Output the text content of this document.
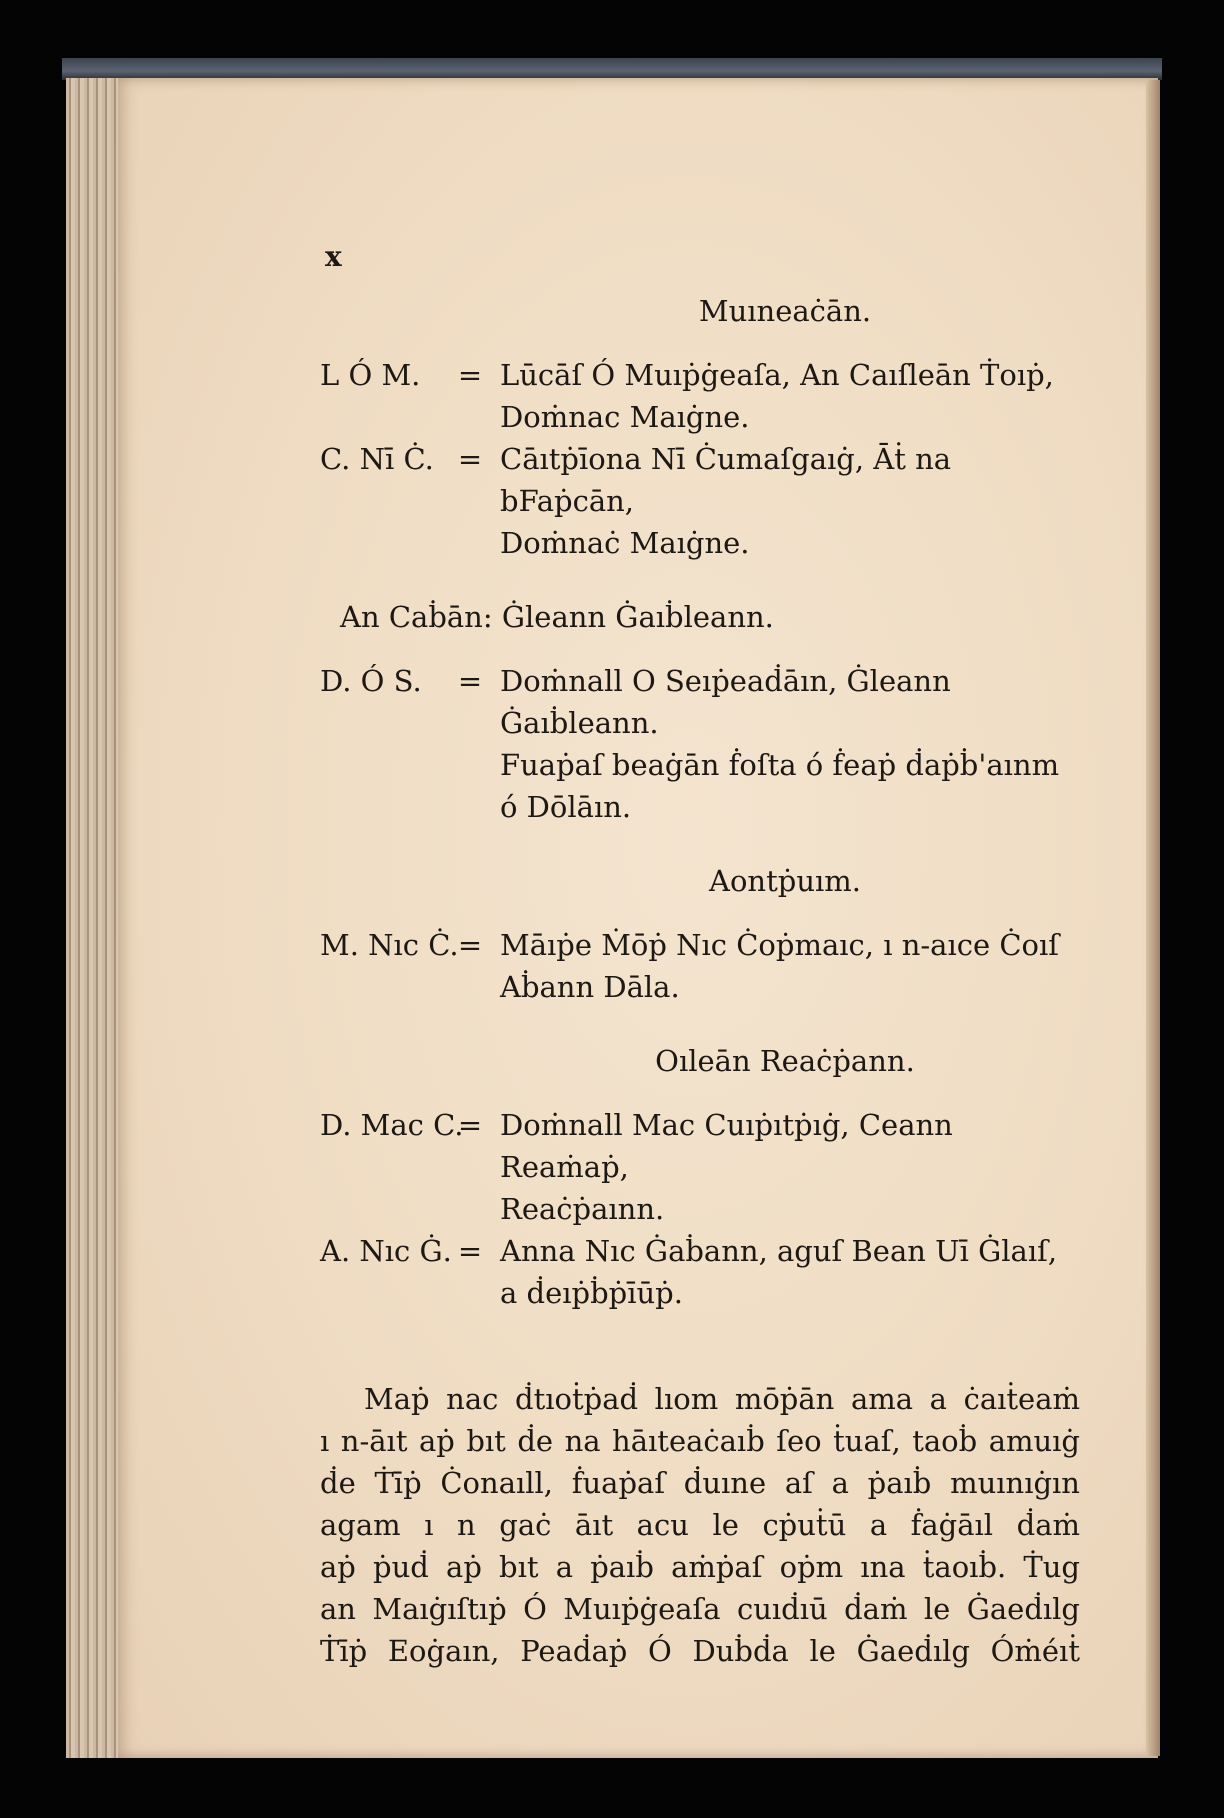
x
Muıneaċān.
L Ó M.	= Lūcāſ Ó Muıṗġeaſa, An Caıſleān Ṫoıṗ,
Doṁnac Maıġne.
C. Nī Ċ. = Cāıtṗīona Nī Ċumaſgaıġ, Āṫ na bFaṗcān,
Doṁnaċ Maıġne.
An Caḃān: Ġleann Ġaıḃleann.
D. Ó S.	= Doṁnall O Seıṗeaḋāın, Ġleann Ġaıḃleann.
Fuaṗaſ beaġān ḟoſta ó ḟeaṗ ḋaṗḃ'aınm
ó Dōlāın.
Aontṗuım.
M. Nıc Ċ. = Māıṗe Ṁōṗ Nıc Ċoṗmaıc, ı n-aıce Ċoıſ
Aḃann Dāla.
Oıleān Reaċṗann.
D. Mac C.
= Doṁnall Mac Cuıṗıtṗıġ, Ceann Reaṁaṗ,
Reaċṗaınn.
A. Nıc Ġ. = Anna Nıc Ġaḃann, aguſ Bean Uī Ġlaıſ,
a ḋeıṗḃṗīūṗ.
Maṗ nac ḋtıoṫṗaḋ lıom mōṗān ama a ċaıṫeaṁ
ı n-āıt aṗ bıt ḋe na hāıteaċaıḃ ſeo ṫuaſ, taoḃ amuıġ
ḋe Ṫīṗ Ċonaıll, ḟuaṗaſ ḋuıne aſ a ṗaıḃ muınıġın
agam ı n gaċ āıt acu le cṗuṫū a ḟaġāıl ḋaṁ
aṗ ṗuḋ aṗ bıt a ṗaıḃ aṁṗaſ oṗm ına ṫaoıḃ. Ṫug
an Maıġıſtıṗ Ó Muıṗġeaſa cuıḋıū ḋaṁ le Ġaeḋılg
Ṫīṗ Eoġaın, Peaḋaṗ Ó Duḃḋa le Ġaeḋılg Óṁéıṫ
